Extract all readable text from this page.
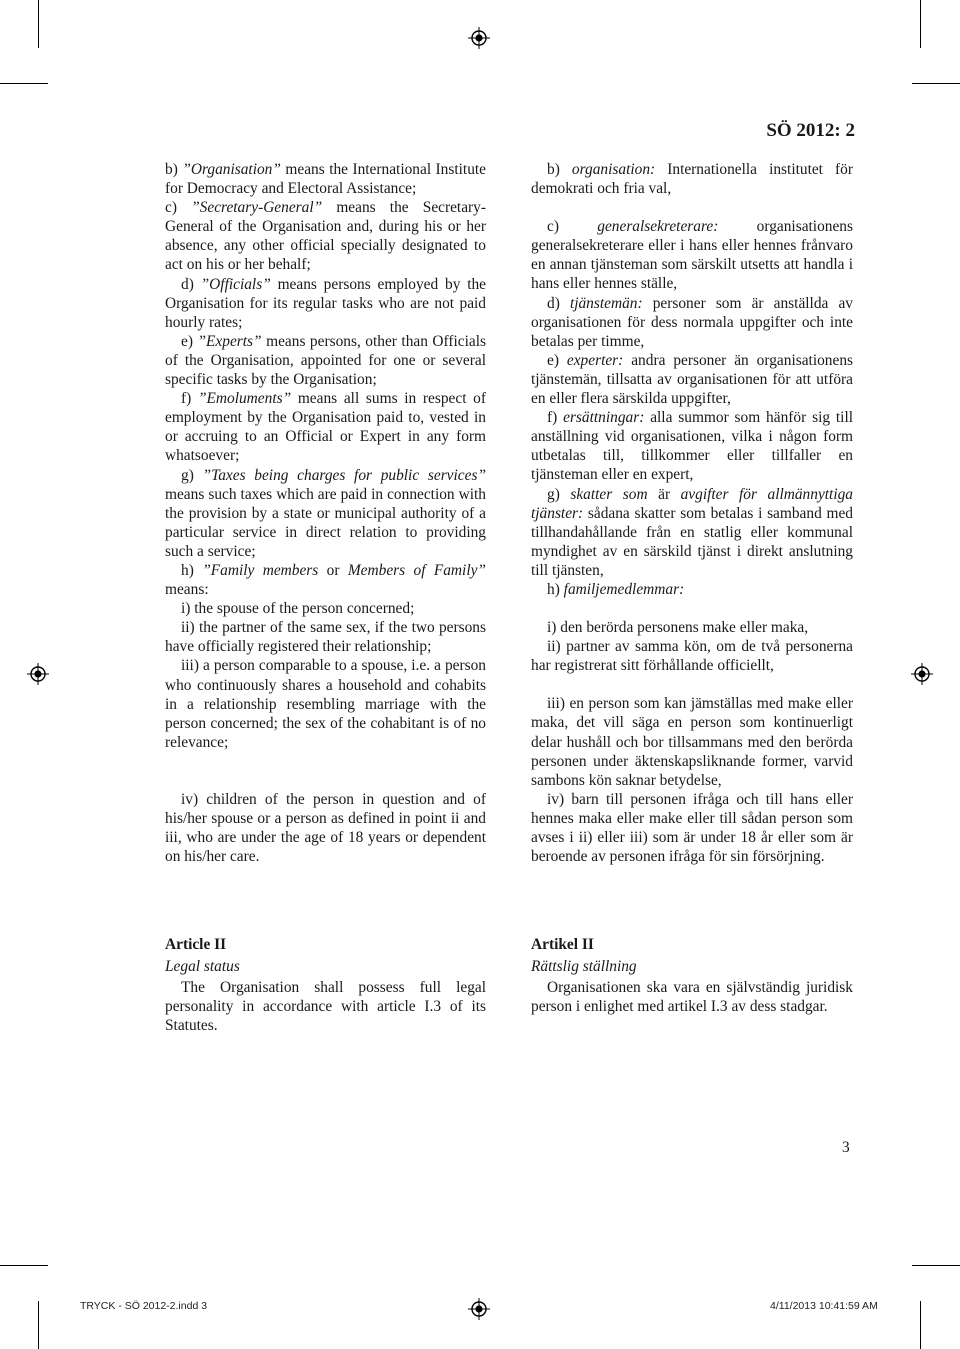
SÖ 2012: 2

b) ”Organisation” means the International Institute for Democracy and Electoral Assistance;

c) ”Secretary-General” means the Secretary-General of the Organisation and, during his or her absence, any other official specially designated to act on his or her behalf;

d) ”Officials” means persons employed by the Organisation for its regular tasks who are not paid hourly rates;

e) ”Experts” means persons, other than Officials of the Organisation, appointed for one or several specific tasks by the Organisation;

f) ”Emoluments” means all sums in respect of employment by the Organisation paid to, vested in or accruing to an Official or Expert in any form whatsoever;

g) ”Taxes being charges for public services” means such taxes which are paid in connection with the provision by a state or municipal authority of a particular service in direct relation to providing such a service;

h) ”Family members or Members of Family” means:

i) the spouse of the person concerned;

ii) the partner of the same sex, if the two persons have officially registered their relationship;

iii) a person comparable to a spouse, i.e. a person who continuously shares a household and cohabits in a relationship resembling marriage with the person concerned; the sex of the cohabitant is of no relevance;

iv) children of the person in question and of his/her spouse or a person as defined in point ii and iii, who are under the age of 18 years or dependent on his/her care.

b) organisation: Internationella institutet för demokrati och fria val,

c) generalsekreterare: organisationens generalsekreterare eller i hans eller hennes frånvaro en annan tjänsteman som särskilt utsetts att handla i hans eller hennes ställe,

d) tjänstemän: personer som är anställda av organisationen för dess normala uppgifter och inte betalas per timme,

e) experter: andra personer än organisationens tjänstemän, tillsatta av organisationen för att utföra en eller flera särskilda uppgifter,

f) ersättningar: alla summor som hänför sig till anställning vid organisationen, vilka i någon form utbetalas till, tillkommer eller tillfaller en tjänsteman eller en expert,

g) skatter som är avgifter för allmännyttiga tjänster: sådana skatter som betalas i samband med tillhandahållande från en statlig eller kommunal myndighet av en särskild tjänst i direkt anslutning till tjänsten,

h) familjemedlemmar:

i) den berörda personens make eller maka,

ii) partner av samma kön, om de två personerna har registrerat sitt förhållande officiellt,

iii) en person som kan jämställas med make eller maka, det vill säga en person som kontinuerligt delar hushåll och bor tillsammans med den berörda personen under äktenskapsliknande former, varvid sambons kön saknar betydelse,

iv) barn till personen ifråga och till hans eller hennes maka eller make eller till sådan person som avses i ii) eller iii) som är under 18 år eller som är beroende av personen ifråga för sin försörjning.

Article II
Legal status

The Organisation shall possess full legal personality in accordance with article I.3 of its Statutes.

Artikel II
Rättslig ställning

Organisationen ska vara en självständig juridisk person i enlighet med artikel I.3 av dess stadgar.

3
TRYCK - SÖ 2012-2.indd 3	4/11/2013 10:41:59 AM
